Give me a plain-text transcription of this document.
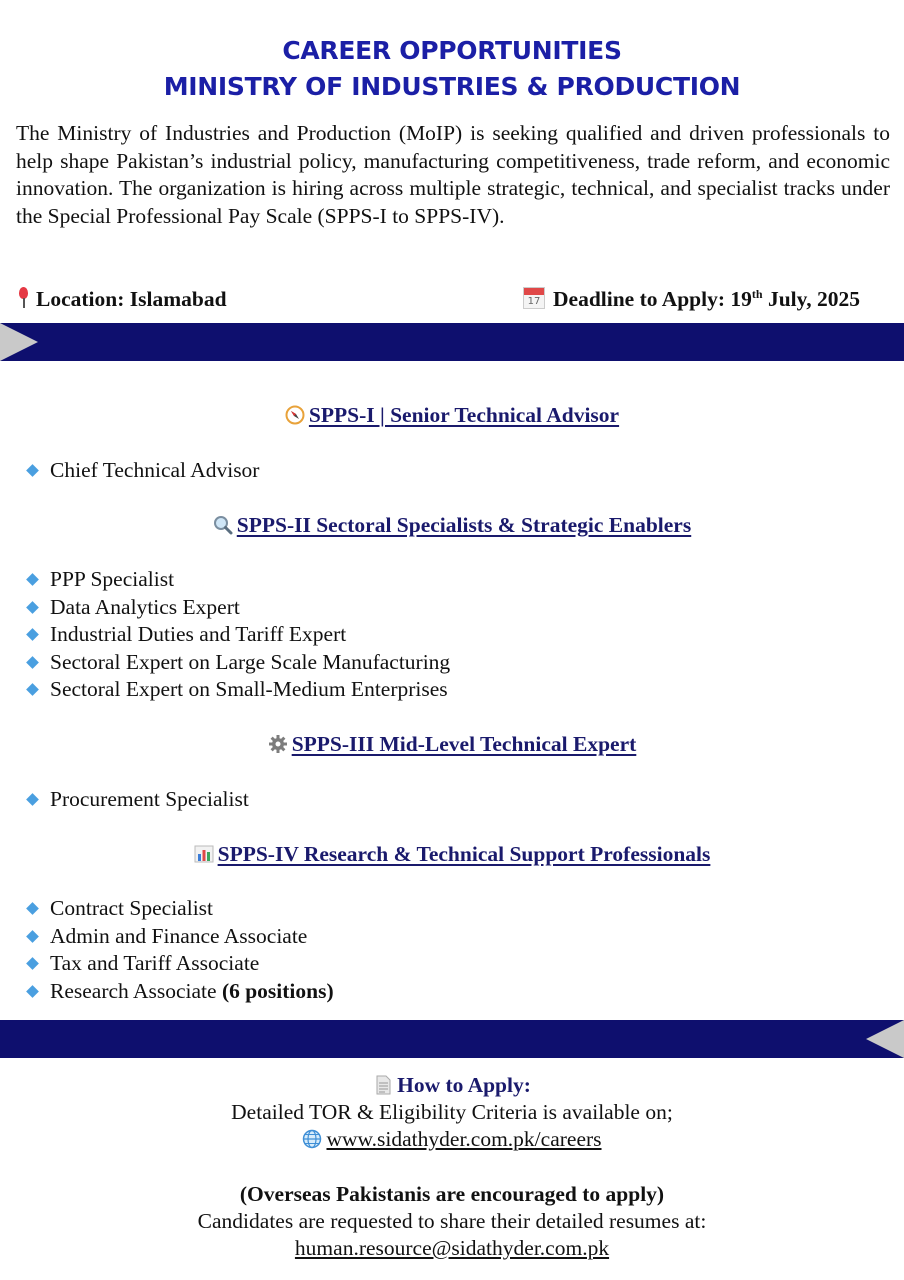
CAREER OPPORTUNITIES
MINISTRY OF INDUSTRIES & PRODUCTION
The Ministry of Industries and Production (MoIP) is seeking qualified and driven professionals to help shape Pakistan’s industrial policy, manufacturing competitiveness, trade reform, and economic innovation. The organization is hiring across multiple strategic, technical, and specialist tracks under the Special Professional Pay Scale (SPPS-I to SPPS-IV).
Location: Islamabad	17 Deadline to Apply: 19th July, 2025
SPPS-I | Senior Technical Advisor
Chief Technical Advisor
SPPS-II Sectoral Specialists & Strategic Enablers
PPP Specialist
Data Analytics Expert
Industrial Duties and Tariff Expert
Sectoral Expert on Large Scale Manufacturing
Sectoral Expert on Small-Medium Enterprises
SPPS-III Mid-Level Technical Expert
Procurement Specialist
SPPS-IV Research & Technical Support Professionals
Contract Specialist
Admin and Finance Associate
Tax and Tariff Associate
Research Associate (6 positions)
How to Apply:
Detailed TOR & Eligibility Criteria is available on;
www.sidathyder.com.pk/careers
(Overseas Pakistanis are encouraged to apply)
Candidates are requested to share their detailed resumes at:
human.resource@sidathyder.com.pk
